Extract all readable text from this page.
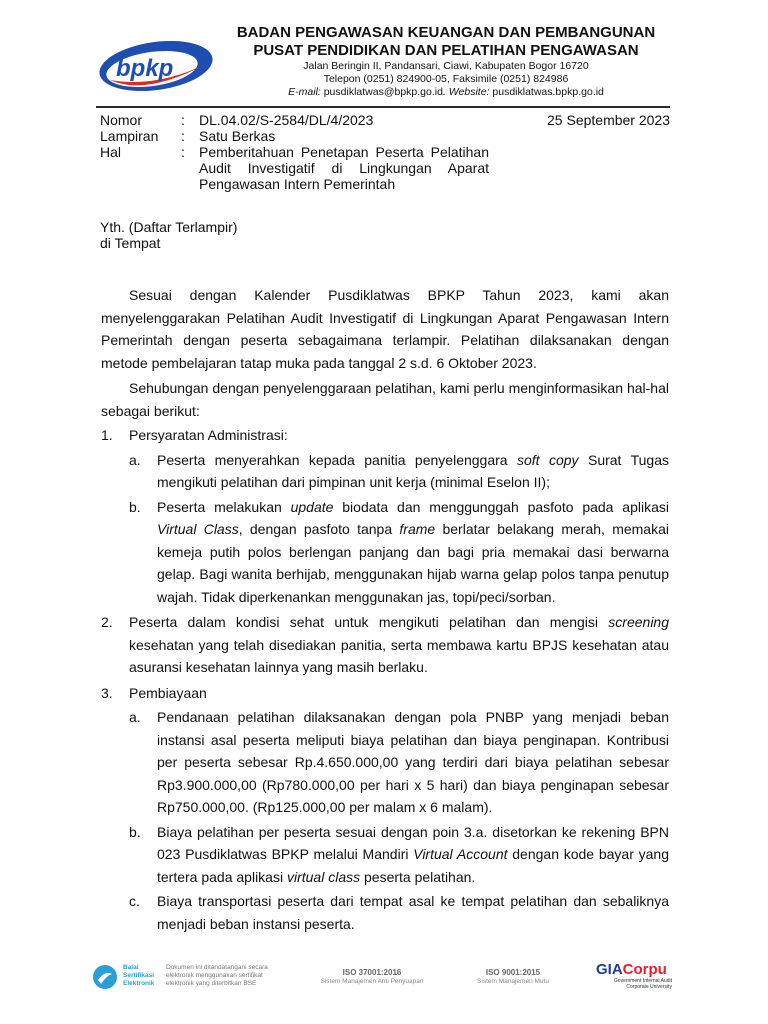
bpkp
BADAN PENGAWASAN KEUANGAN DAN PEMBANGUNAN
PUSAT PENDIDIKAN DAN PELATIHAN PENGAWASAN
Jalan Beringin II, Pandansari, Ciawi, Kabupaten Bogor 16720
Telepon (0251) 824900-05, Faksimile (0251) 824986
E-mail: pusdiklatwas@bpkp.go.id. Website: pusdiklatwas.bpkp.go.id
Nomor	:	DL.04.02/S-2584/DL/4/2023	25 September 2023
Lampiran	:	Satu Berkas
Hal	:	Pemberitahuan Penetapan Peserta Pelatihan Audit Investigatif di Lingkungan Aparat Pengawasan Intern Pemerintah
Yth. (Daftar Terlampir)
di Tempat
Sesuai dengan Kalender Pusdiklatwas BPKP Tahun 2023, kami akan menyelenggarakan Pelatihan Audit Investigatif di Lingkungan Aparat Pengawasan Intern Pemerintah dengan peserta sebagaimana terlampir. Pelatihan dilaksanakan dengan metode pembelajaran tatap muka pada tanggal 2 s.d. 6 Oktober 2023.
Sehubungan dengan penyelenggaraan pelatihan, kami perlu menginformasikan hal-hal sebagai berikut:
1.	Persyaratan Administrasi:
a.	Peserta menyerahkan kepada panitia penyelenggara soft copy Surat Tugas mengikuti pelatihan dari pimpinan unit kerja (minimal Eselon II);
b.	Peserta melakukan update biodata dan menggunggah pasfoto pada aplikasi Virtual Class, dengan pasfoto tanpa frame berlatar belakang merah, memakai kemeja putih polos berlengan panjang dan bagi pria memakai dasi berwarna gelap. Bagi wanita berhijab, menggunakan hijab warna gelap polos tanpa penutup wajah. Tidak diperkenankan menggunakan jas, topi/peci/sorban.
2.	Peserta dalam kondisi sehat untuk mengikuti pelatihan dan mengisi screening kesehatan yang telah disediakan panitia, serta membawa kartu BPJS kesehatan atau asuransi kesehatan lainnya yang masih berlaku.
3.	Pembiayaan
a.	Pendanaan pelatihan dilaksanakan dengan pola PNBP yang menjadi beban instansi asal peserta meliputi biaya pelatihan dan biaya penginapan. Kontribusi per peserta sebesar Rp.4.650.000,00 yang terdiri dari biaya pelatihan sebesar Rp3.900.000,00 (Rp780.000,00 per hari x 5 hari) dan biaya penginapan sebesar Rp750.000,00. (Rp125.000,00 per malam x 6 malam).
b.	Biaya pelatihan per peserta sesuai dengan poin 3.a. disetorkan ke rekening BPN 023 Pusdiklatwas BPKP melalui Mandiri Virtual Account dengan kode bayar yang tertera pada aplikasi virtual class peserta pelatihan.
c.	Biaya transportasi peserta dari tempat asal ke tempat pelatihan dan sebaliknya menjadi beban instansi peserta.
Balai
Sertifikasi
Elektronik
Dokumen ini ditandatangani secara elektronik menggunakan sertifikat elektronik yang diterbitkan BSE
ISO 37001:2016
Sistem Manajemen Anti Penyuapan
ISO 9001:2015
Sistem Manajemen Mutu
GIACorpu
Government Internal Audit
Corporate University
